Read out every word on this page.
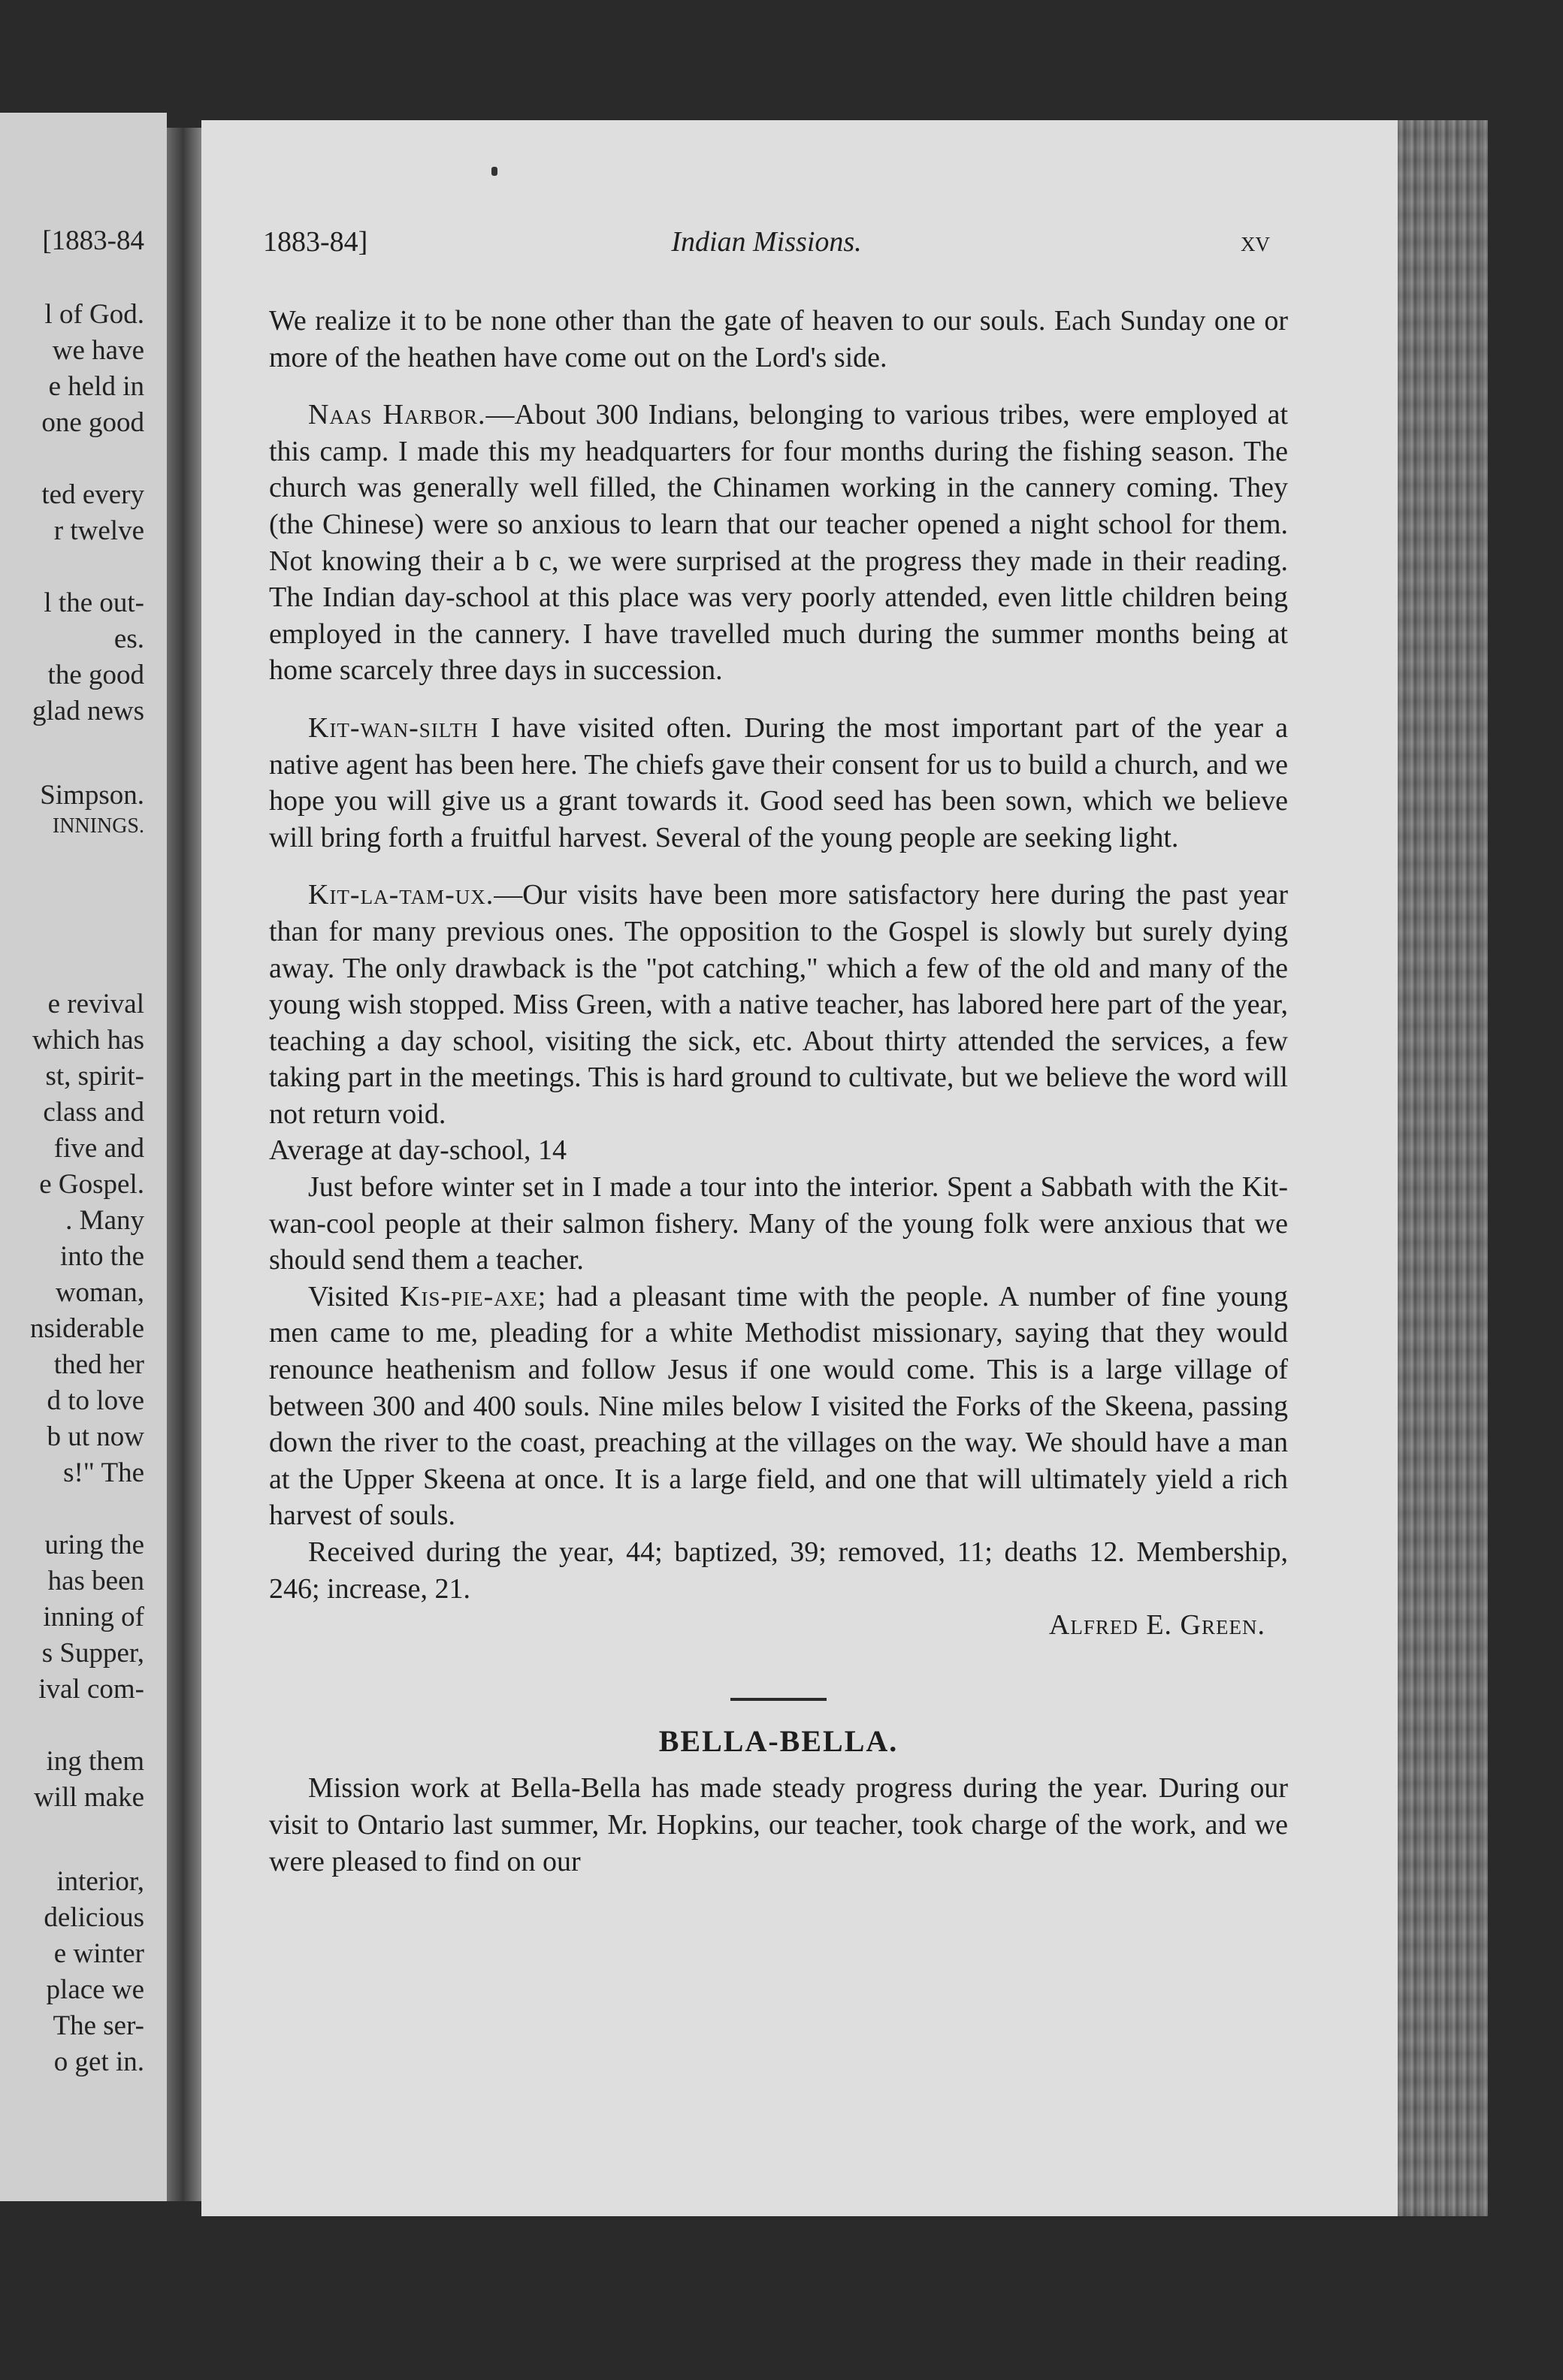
[1883-84
l of God.
we have
e held in
one good
ted every
r twelve
l the out-
es.
the good
glad news
Simpson.
INNINGS.
e revival
which has
st, spirit-
class and
five and
e Gospel.
. Many
into the
woman,
nsiderable
thed her
d to love
b ut now
s!" The
uring the
has been
inning of
s Supper,
ival com-
ing them
will make
interior,
delicious
e winter
place we
The ser-
o get in.
1883-84]	Indian Missions.	xv

We realize it to be none other than the gate of heaven to our souls. Each Sunday one or more of the heathen have come out on the Lord's side.

Naas Harbor.—About 300 Indians, belonging to various tribes, were employed at this camp. I made this my headquarters for four months during the fishing season. The church was generally well filled, the Chinamen working in the cannery coming. They (the Chinese) were so anxious to learn that our teacher opened a night school for them. Not knowing their a b c, we were surprised at the progress they made in their reading. The Indian day-school at this place was very poorly attended, even little children being employed in the cannery. I have travelled much during the summer months being at home scarcely three days in succession.

Kit-wan-silth I have visited often. During the most important part of the year a native agent has been here. The chiefs gave their consent for us to build a church, and we hope you will give us a grant towards it. Good seed has been sown, which we believe will bring forth a fruitful harvest. Several of the young people are seeking light.

Kit-la-tam-ux.—Our visits have been more satisfactory here during the past year than for many previous ones. The opposition to the Gospel is slowly but surely dying away. The only drawback is the "pot catching," which a few of the old and many of the young wish stopped. Miss Green, with a native teacher, has labored here part of the year, teaching a day school, visiting the sick, etc. About thirty attended the services, a few taking part in the meetings. This is hard ground to cultivate, but we believe the word will not return void.

Average at day-school, 14

Just before winter set in I made a tour into the interior. Spent a Sabbath with the Kit-wan-cool people at their salmon fishery. Many of the young folk were anxious that we should send them a teacher.

Visited Kis-pie-axe; had a pleasant time with the people. A number of fine young men came to me, pleading for a white Methodist missionary, saying that they would renounce heathenism and follow Jesus if one would come. This is a large village of between 300 and 400 souls. Nine miles below I visited the Forks of the Skeena, passing down the river to the coast, preaching at the villages on the way. We should have a man at the Upper Skeena at once. It is a large field, and one that will ultimately yield a rich harvest of souls.

Received during the year, 44; baptized, 39; removed, 11; deaths 12. Membership, 246; increase, 21.

Alfred E. Green.

BELLA-BELLA.

Mission work at Bella-Bella has made steady progress during the year. During our visit to Ontario last summer, Mr. Hopkins, our teacher, took charge of the work, and we were pleased to find on our
